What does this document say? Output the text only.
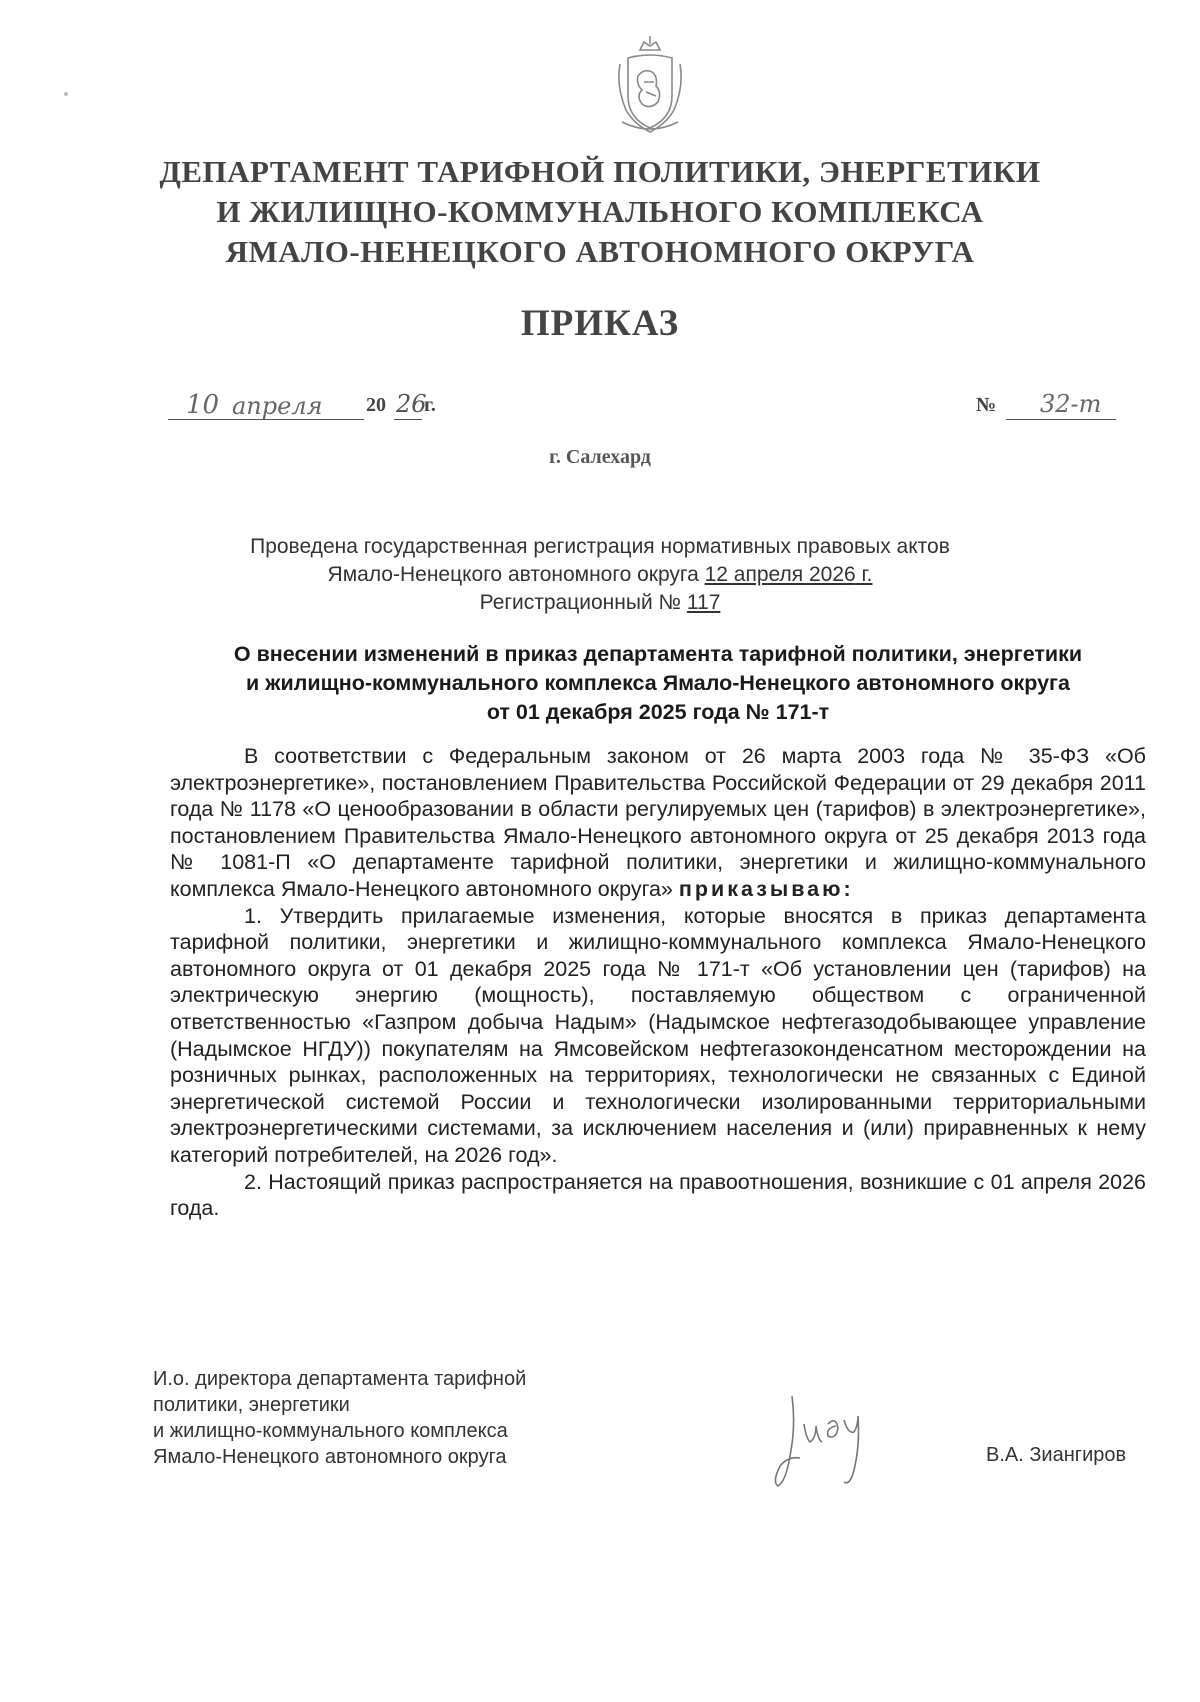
ДЕПАРТАМЕНТ ТАРИФНОЙ ПОЛИТИКИ, ЭНЕРГЕТИКИ
И ЖИЛИЩНО-КОММУНАЛЬНОГО КОМПЛЕКСА
ЯМАЛО-НЕНЕЦКОГО АВТОНОМНОГО ОКРУГА
ПРИКАЗ
10 апреля 20 26
г.	№ 32-т
г. Салехард
Проведена государственная регистрация нормативных правовых актов
Ямало-Ненецкого автономного округа 12 апреля 2026 г.
Регистрационный № 117
О внесении изменений в приказ департамента тарифной политики, энергетики
и жилищно-коммунального комплекса Ямало-Ненецкого автономного округа
от 01 декабря 2025 года № 171-т

В соответствии с Федеральным законом от 26 марта 2003 года № 35-ФЗ «Об электроэнергетике», постановлением Правительства Российской Федерации от 29 декабря 2011 года № 1178 «О ценообразовании в области регулируемых цен (тарифов) в электроэнергетике», постановлением Правительства Ямало-Ненецкого автономного округа от 25 декабря 2013 года № 1081-П «О департаменте тарифной политики, энергетики и жилищно-коммунального комплекса Ямало-Ненецкого автономного округа» приказываю:

1. Утвердить прилагаемые изменения, которые вносятся в приказ департамента тарифной политики, энергетики и жилищно-коммунального комплекса Ямало-Ненецкого автономного округа от 01 декабря 2025 года № 171-т «Об установлении цен (тарифов) на электрическую энергию (мощность), поставляемую обществом с ограниченной ответственностью «Газпром добыча Надым» (Надымское нефтегазодобывающее управление (Надымское НГДУ)) покупателям на Ямсовейском нефтегазоконденсатном месторождении на розничных рынках, расположенных на территориях, технологически не связанных с Единой энергетической системой России и технологически изолированными территориальными электроэнергетическими системами, за исключением населения и (или) приравненных к нему категорий потребителей, на 2026 год».

2. Настоящий приказ распространяется на правоотношения, возникшие с 01 апреля 2026 года.

И.о. директора департамента тарифной
политики, энергетики
и жилищно-коммунального комплекса
Ямало-Ненецкого автономного округа	В.А. Зиангиров
